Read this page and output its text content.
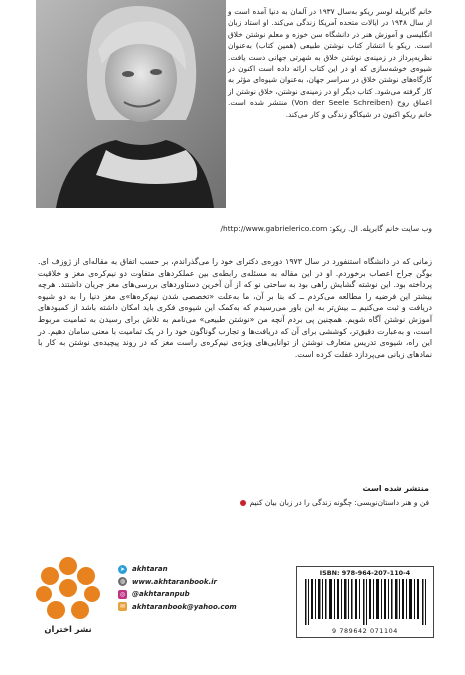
خانم گابریله لوسر ریکو به‌سال ۱۹۳۷ در آلمان به دنیا آمده است و از سال ۱۹۴۸ در ایالات متحده آمریکا زندگی می‌کند. او استاد زبان انگلیسی و آموزش هنر در دانشگاه سن خوزه و معلم نوشتن خلاق است. ریکو با انتشار کتاب نوشتن طبیعی (همین کتاب) به‌عنوان نظریه‌پرداز در زمینه‌ی نوشتن خلاق به شهرتی جهانی دست یافت. شیوه‌ی خوشه‌سازی که او در این کتاب ارائه داده است اکنون در کارگاه‌های نوشتن خلاق در سراسر جهان، به‌عنوان شیوه‌ای مؤثر به کار گرفته می‌شود. کتاب دیگر او در زمینه‌ی نوشتن، خلاق نوشتن از اعماق روح (Von der Seele Schreiben) منتشر شده است. خانم ریکو اکنون در شیکاگو زندگی و کار می‌کند.
وب سایت خانم گابریله. ال. ریکو: http://www.gabrielerico.com/
زمانی که در دانشگاه استنفورد در سال ۱۹۷۳ دوره‌ی دکترای خود را می‌گذراندم، بر حسب اتفاق به مقاله‌ای از ژوزف ای. بوگن جراح اعصاب برخوردم. او در این مقاله به مسئله‌ی رابطه‌ی بین عملکردهای متفاوت دو نیم‌کره‌ی مغز و خلاقیت پرداخته بود. این نوشته گشایش راهی بود به ساحتی نو که از آن آخرین دستاوردهای بررسی‌های مغز جریان داشتند. هرچه بیشتر این فرضیه را مطالعه می‌کردم ــ که بنا بر آن، ما به‌علت «تخصصی شدن نیم‌کره‌ها»ی مغز دنیا را به دو شیوه دریافت و ثبت می‌کنیم ــ بیش‌تر به این باور می‌رسیدم که به‌کمک این شیوه‌ی فکری باید امکان داشته باشد از کمبودهای آموزش نوشتن آگاه شویم. همچنین پی بردم آنچه من «نوشتن طبیعی» می‌نامم به تلاش برای رسیدن به تمامیت مربوط است، و به‌عبارت دقیق‌تر، کوششی برای آن که دریافت‌ها و تجارب گوناگون خود را در یک تمامیت با معنی سامان دهیم. در این راه، شیوه‌ی تدریس متعارف نوشتن از توانایی‌های ویژه‌ی نیم‌کره‌ی راست مغز که در روند پیچیده‌ی نوشتن به کار با نمادهای زبانی می‌پردازد غفلت کرده است.
منتشر شده است
فن و هنر داستان‌نویسی: چگونه زندگی را در زبان بیان کنیم
➤ akhtaran
◍ www.akhtaranbook.ir
◎ @akhtaranpub
✉ akhtaranbook@yahoo.com
ISBN: 978-964-207-110-4
9 789642 071104
نشر اختران
